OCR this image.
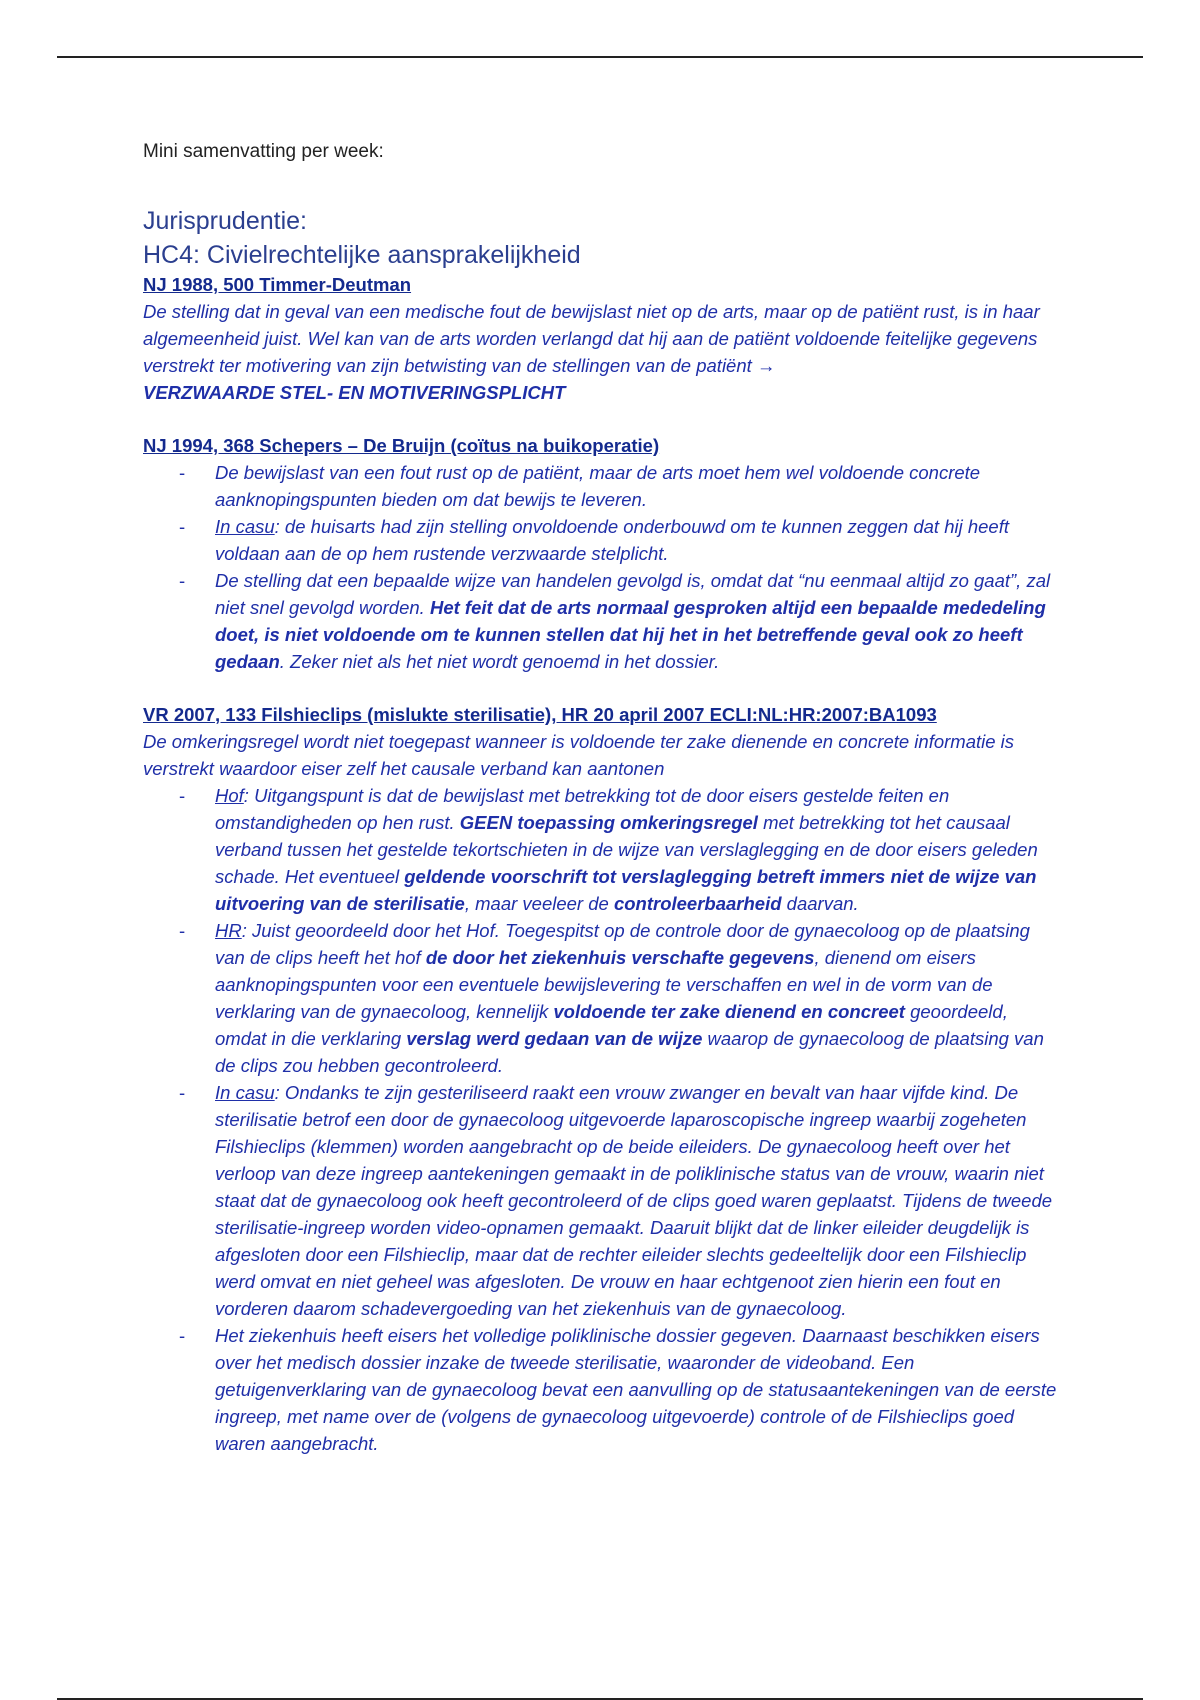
Mini samenvatting per week:

Jurisprudentie:
HC4: Civielrechtelijke aansprakelijkheid

NJ 1988, 500 Timmer-Deutman

De stelling dat in geval van een medische fout de bewijslast niet op de arts, maar op de patiënt rust, is in haar algemeenheid juist. Wel kan van de arts worden verlangd dat hij aan de patiënt voldoende feitelijke gegevens verstrekt ter motivering van zijn betwisting van de stellingen van de patiënt →
VERZWAARDE STEL- EN MOTIVERINGSPLICHT

NJ 1994, 368 Schepers – De Bruijn (coïtus na buikoperatie)

- De bewijslast van een fout rust op de patiënt, maar de arts moet hem wel voldoende concrete aanknopingspunten bieden om dat bewijs te leveren.
- In casu: de huisarts had zijn stelling onvoldoende onderbouwd om te kunnen zeggen dat hij heeft voldaan aan de op hem rustende verzwaarde stelplicht.
- De stelling dat een bepaalde wijze van handelen gevolgd is, omdat dat “nu eenmaal altijd zo gaat”, zal niet snel gevolgd worden. Het feit dat de arts normaal gesproken altijd een bepaalde mededeling doet, is niet voldoende om te kunnen stellen dat hij het in het betreffende geval ook zo heeft gedaan. Zeker niet als het niet wordt genoemd in het dossier.

VR 2007, 133 Filshieclips (mislukte sterilisatie), HR 20 april 2007 ECLI:NL:HR:2007:BA1093

De omkeringsregel wordt niet toegepast wanneer is voldoende ter zake dienende en concrete informatie is verstrekt waardoor eiser zelf het causale verband kan aantonen

- Hof: Uitgangspunt is dat de bewijslast met betrekking tot de door eisers gestelde feiten en omstandigheden op hen rust. GEEN toepassing omkeringsregel met betrekking tot het causaal verband tussen het gestelde tekortschieten in de wijze van verslaglegging en de door eisers geleden schade. Het eventueel geldende voorschrift tot verslaglegging betreft immers niet de wijze van uitvoering van de sterilisatie, maar veeleer de controleerbaarheid daarvan.
- HR: Juist geoordeeld door het Hof. Toegespitst op de controle door de gynaecoloog op de plaatsing van de clips heeft het hof de door het ziekenhuis verschafte gegevens, dienend om eisers aanknopingspunten voor een eventuele bewijslevering te verschaffen en wel in de vorm van de verklaring van de gynaecoloog, kennelijk voldoende ter zake dienend en concreet geoordeeld, omdat in die verklaring verslag werd gedaan van de wijze waarop de gynaecoloog de plaatsing van de clips zou hebben gecontroleerd.
- In casu: Ondanks te zijn gesteriliseerd raakt een vrouw zwanger en bevalt van haar vijfde kind. De sterilisatie betrof een door de gynaecoloog uitgevoerde laparoscopische ingreep waarbij zogeheten Filshieclips (klemmen) worden aangebracht op de beide eileiders. De gynaecoloog heeft over het verloop van deze ingreep aantekeningen gemaakt in de poliklinische status van de vrouw, waarin niet staat dat de gynaecoloog ook heeft gecontroleerd of de clips goed waren geplaatst. Tijdens de tweede sterilisatie-ingreep worden video-opnamen gemaakt. Daaruit blijkt dat de linker eileider deugdelijk is afgesloten door een Filshieclip, maar dat de rechter eileider slechts gedeeltelijk door een Filshieclip werd omvat en niet geheel was afgesloten. De vrouw en haar echtgenoot zien hierin een fout en vorderen daarom schadevergoeding van het ziekenhuis van de gynaecoloog.
- Het ziekenhuis heeft eisers het volledige poliklinische dossier gegeven. Daarnaast beschikken eisers over het medisch dossier inzake de tweede sterilisatie, waaronder de videoband. Een getuigenverklaring van de gynaecoloog bevat een aanvulling op de statusaantekeningen van de eerste ingreep, met name over de (volgens de gynaecoloog uitgevoerde) controle of de Filshieclips goed waren aangebracht.
